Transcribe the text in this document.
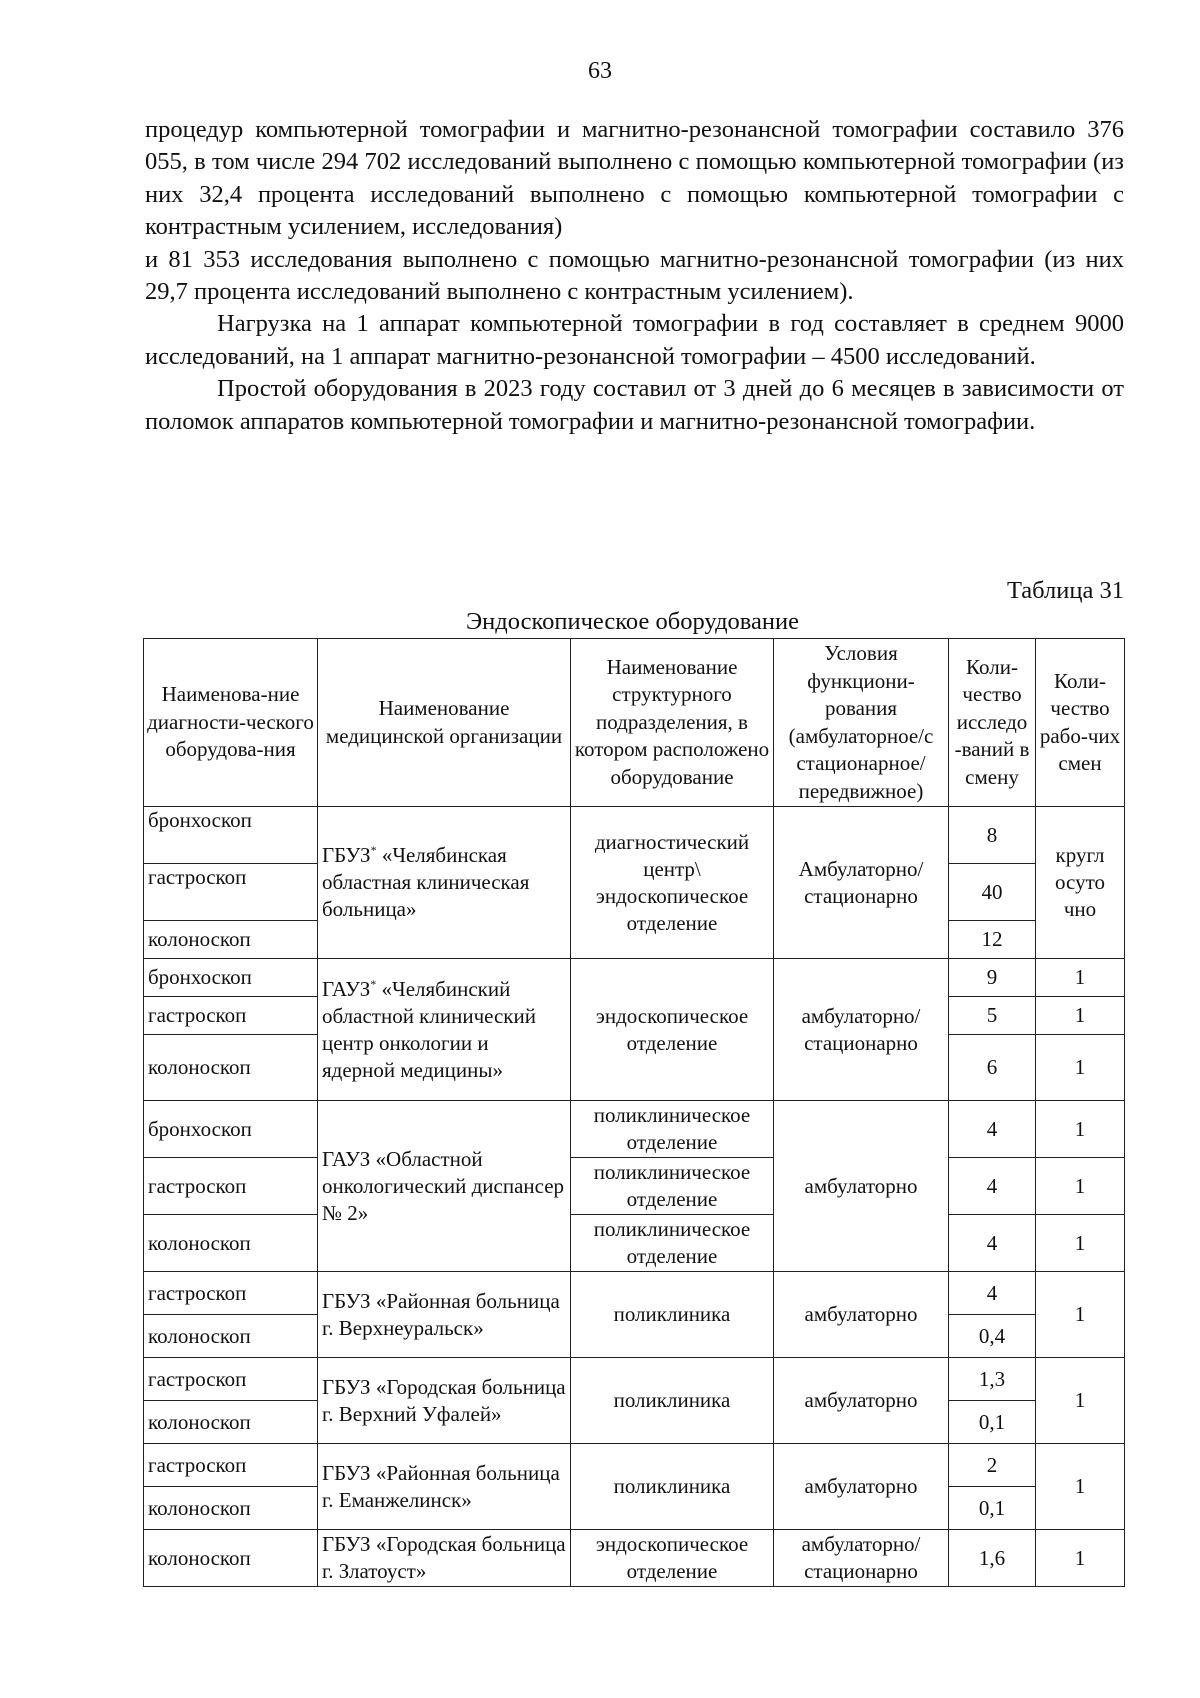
63

процедур компьютерной томографии и магнитно-резонансной томографии составило 376 055, в том числе 294 702 исследований выполнено с помощью компьютерной томографии (из них 32,4 процента исследований выполнено с помощью компьютерной томографии с контрастным усилением, исследования)

и 81 353 исследования выполнено с помощью магнитно-резонансной томографии (из них 29,7 процента исследований выполнено с контрастным усилением).

Нагрузка на 1 аппарат компьютерной томографии в год составляет в среднем 9000 исследований, на 1 аппарат магнитно-резонансной томографии – 4500 исследований.

Простой оборудования в 2023 году составил от 3 дней до 6 месяцев в зависимости от поломок аппаратов компьютерной томографии и магнитно-резонансной томографии.

Таблица 31
Эндоскопическое оборудование
Наименова-ние диагности-ческого оборудова-ния	Наименование медицинской организации	Наименование структурного подразделения, в котором расположено оборудование	Условия функциони-рования (амбулаторное/с стационарное/ передвижное)	Коли-чество исследо -ваний в смену	Коли-чество рабо-чих смен
бронхоскоп	ГБУЗ* «Челябинская областная клиническая больница»	диагностический центр\ эндоскопическое отделение	Амбулаторно/ стационарно	8	кругл осуто чно
гастроскоп				40	
колоноскоп				12	
бронхоскоп	ГАУЗ* «Челябинский областной клинический центр онкологии и ядерной медицины»	эндоскопическое отделение	амбулаторно/ стационарно	9	1
гастроскоп				5	1
колоноскоп				6	1
бронхоскоп	ГАУЗ «Областной онкологический диспансер № 2»	поликлиническое отделение	амбулаторно	4	1
гастроскоп		поликлиническое отделение		4	1
колоноскоп		поликлиническое отделение		4	1
гастроскоп	ГБУЗ «Районная больница г. Верхнеуральск»	поликлиника	амбулаторно	4	1
колоноскоп				0,4	
гастроскоп	ГБУЗ «Городская больница г. Верхний Уфалей»	поликлиника	амбулаторно	1,3	1
колоноскоп				0,1	
гастроскоп	ГБУЗ «Районная больница г. Еманжелинск»	поликлиника	амбулаторно	2	1
колоноскоп				0,1	
колоноскоп	ГБУЗ «Городская больница г. Златоуст»	эндоскопическое отделение	амбулаторно/ стационарно	1,6	1
